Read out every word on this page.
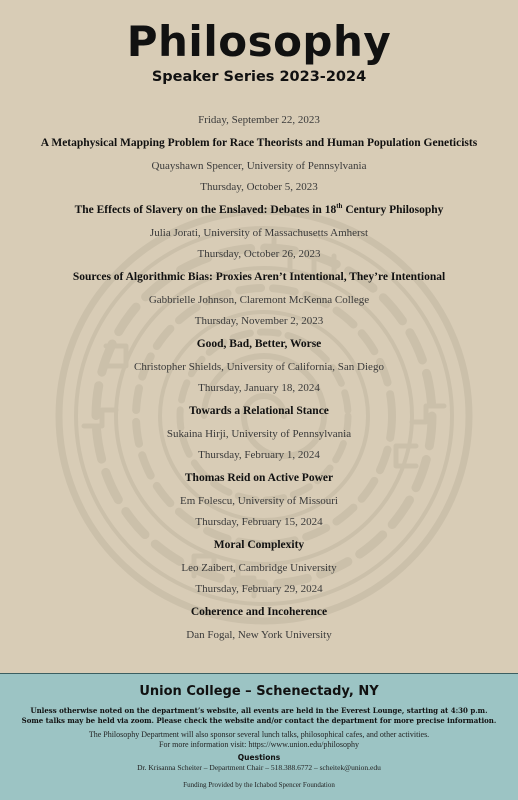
Philosophy
Speaker Series 2023-2024
Friday, September 22, 2023
A Metaphysical Mapping Problem for Race Theorists and Human Population Geneticists
Quayshawn Spencer, University of Pennsylvania
Thursday, October 5, 2023
The Effects of Slavery on the Enslaved: Debates in 18th Century Philosophy
Julia Jorati, University of Massachusetts Amherst
Thursday, October 26, 2023
Sources of Algorithmic Bias: Proxies Aren’t Intentional, They’re Intentional
Gabbrielle Johnson, Claremont McKenna College
Thursday, November 2, 2023
Good, Bad, Better, Worse
Christopher Shields, University of California, San Diego
Thursday, January 18, 2024
Towards a Relational Stance
Sukaina Hirji, University of Pennsylvania
Thursday, February 1, 2024
Thomas Reid on Active Power
Em Folescu, University of Missouri
Thursday, February 15, 2024
Moral Complexity
Leo Zaibert, Cambridge University
Thursday, February 29, 2024
Coherence and Incoherence
Dan Fogal, New York University
Union College – Schenectady, NY
Unless otherwise noted on the department’s website, all events are held in the Everest Lounge, starting at 4:30 p.m.
Some talks may be held via zoom. Please check the website and/or contact the department for more precise information.
The Philosophy Department will also sponsor several lunch talks, philosophical cafes, and other activities.
For more information visit: https://www.union.edu/philosophy
Questions
Dr. Krisanna Scheiter – Department Chair – 518.388.6772 – scheitek@union.edu
Funding Provided by the Ichabod Spencer Foundation
